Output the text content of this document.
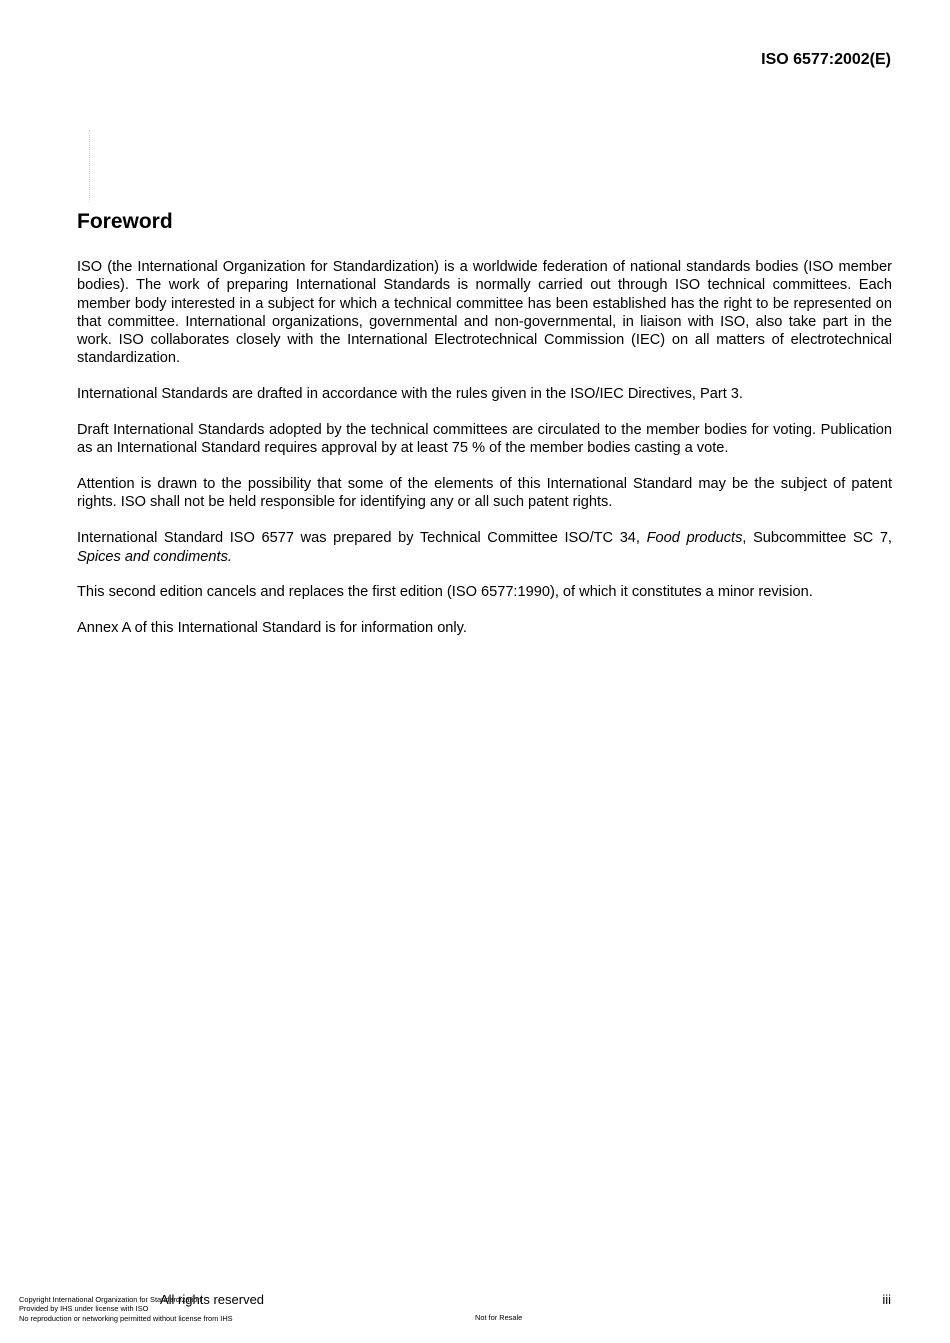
ISO 6577:2002(E)
Foreword

ISO (the International Organization for Standardization) is a worldwide federation of national standards bodies (ISO member bodies). The work of preparing International Standards is normally carried out through ISO technical committees. Each member body interested in a subject for which a technical committee has been established has the right to be represented on that committee. International organizations, governmental and non-governmental, in liaison with ISO, also take part in the work. ISO collaborates closely with the International Electrotechnical Commission (IEC) on all matters of electrotechnical standardization.

International Standards are drafted in accordance with the rules given in the ISO/IEC Directives, Part 3.

Draft International Standards adopted by the technical committees are circulated to the member bodies for voting. Publication as an International Standard requires approval by at least 75 % of the member bodies casting a vote.

Attention is drawn to the possibility that some of the elements of this International Standard may be the subject of patent rights. ISO shall not be held responsible for identifying any or all such patent rights.

International Standard ISO 6577 was prepared by Technical Committee ISO/TC 34, Food products, Subcommittee SC 7, Spices and condiments.

This second edition cancels and replaces the first edition (ISO 6577:1990), of which it constitutes a minor revision.

Annex A of this International Standard is for information only.

All rights reserved	iii
Copyright International Organization for Standardization
Provided by IHS under license with ISO
No reproduction or networking permitted without license from IHS	Not for Resale
